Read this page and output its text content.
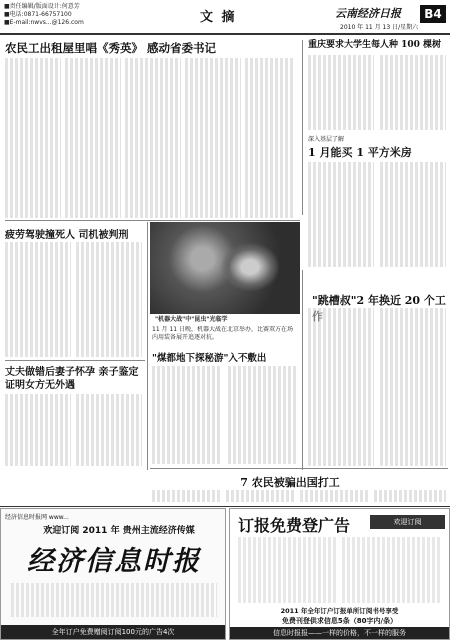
■责任编辑/版面设计:何意芳
■电话:0871-66757100
■E-mail:nwvs...@126.com	文 摘	云南经济日报	B4
2010 年 11 月 13 日/星期六
农民工出租屋里唱《秀英》 感动省委书记	重庆要求大学生每人种 100 棵树
深入基层了解
1 月能买 1 平方米房
疲劳驾驶撞死人 司机被判刑
丈夫做错后妻子怀孕 亲子鉴定证明女方无外遇
"机器大战"中"昆虫"光临学
11 月 11 日晚，机器大战在北京举办，比赛双方在场内用装备展开追逐对抗。
"煤都地下探秘游"入不敷出
"跳槽叔"2 年换近 20 个工
7 农民被骗出国打工
经济信息时报网 www...
欢迎订阅 2011 年 贵州主流经济传媒
经济信息时报
全年订户免费赠阅订阅100元的广告4次
订报免费登广告	欢迎订阅
2011 年全年订户订报单所订阅书号享受
免费刊登供求信息5条（80字内/条）
信息时报报——一样的价格，不一样的服务
